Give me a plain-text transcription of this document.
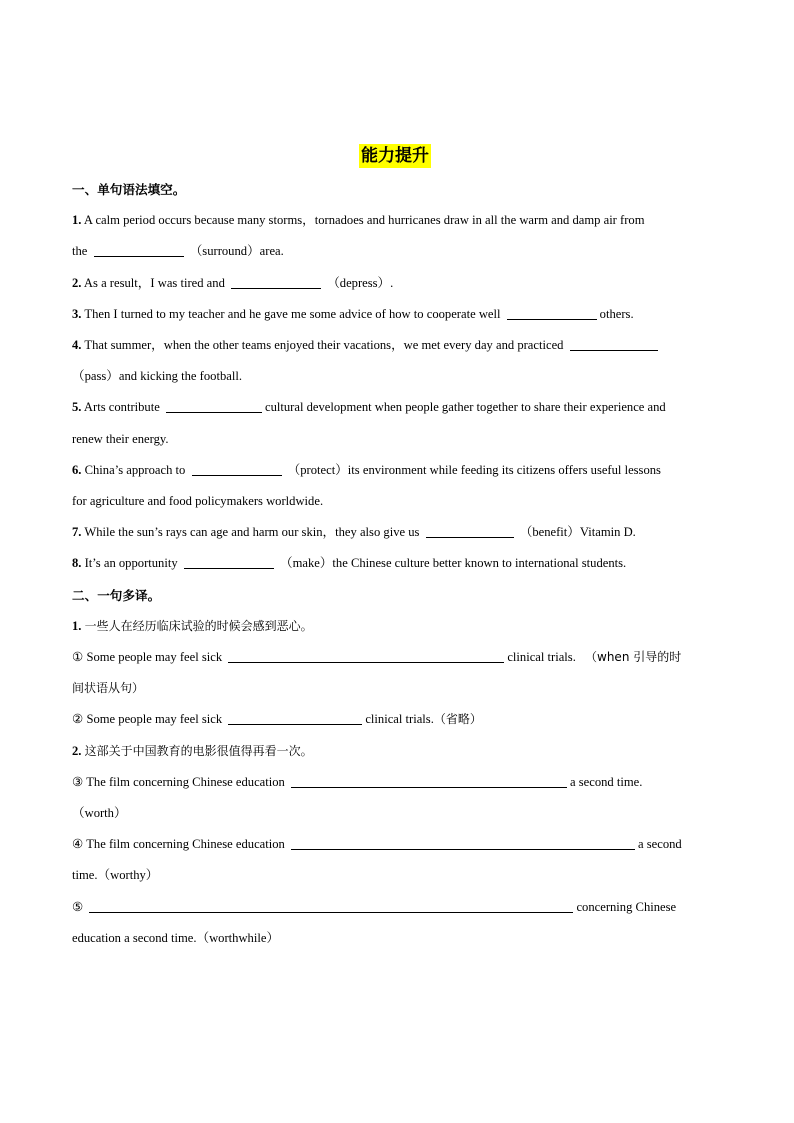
能力提升
一、单句语法填空。
1. A calm period occurs because many storms，tornadoes and hurricanes draw in all the warm and damp air from
the	（surround）area.
2. As a result，I was tired and	（depress）.
3. Then I turned to my teacher and he gave me some advice of how to cooperate well	others.
4. That summer，when the other teams enjoyed their vacations，we met every day and practiced
（pass）and kicking the football.
5. Arts contribute	cultural development when people gather together to share their experience and
renew their energy.
6. China’s approach to	（protect）its environment while feeding its citizens offers useful lessons
for agriculture and food policymakers worldwide.
7. While the sun’s rays can age and harm our skin，they also give us	（benefit）Vitamin D.
8. It’s an opportunity	（make）the Chinese culture better known to international students.
二、一句多译。
1. 一些人在经历临床试验的时候会感到恶心。
① Some people may feel sick	clinical trials. （when 引导的时
间状语从句）
② Some people may feel sick	clinical trials.（省略）
2. 这部关于中国教育的电影很值得再看一次。
③ The film concerning Chinese education	a second time.
（worth）
④ The film concerning Chinese education	a second
time.（worthy）
⑤	concerning Chinese
education a second time.（worthwhile）
